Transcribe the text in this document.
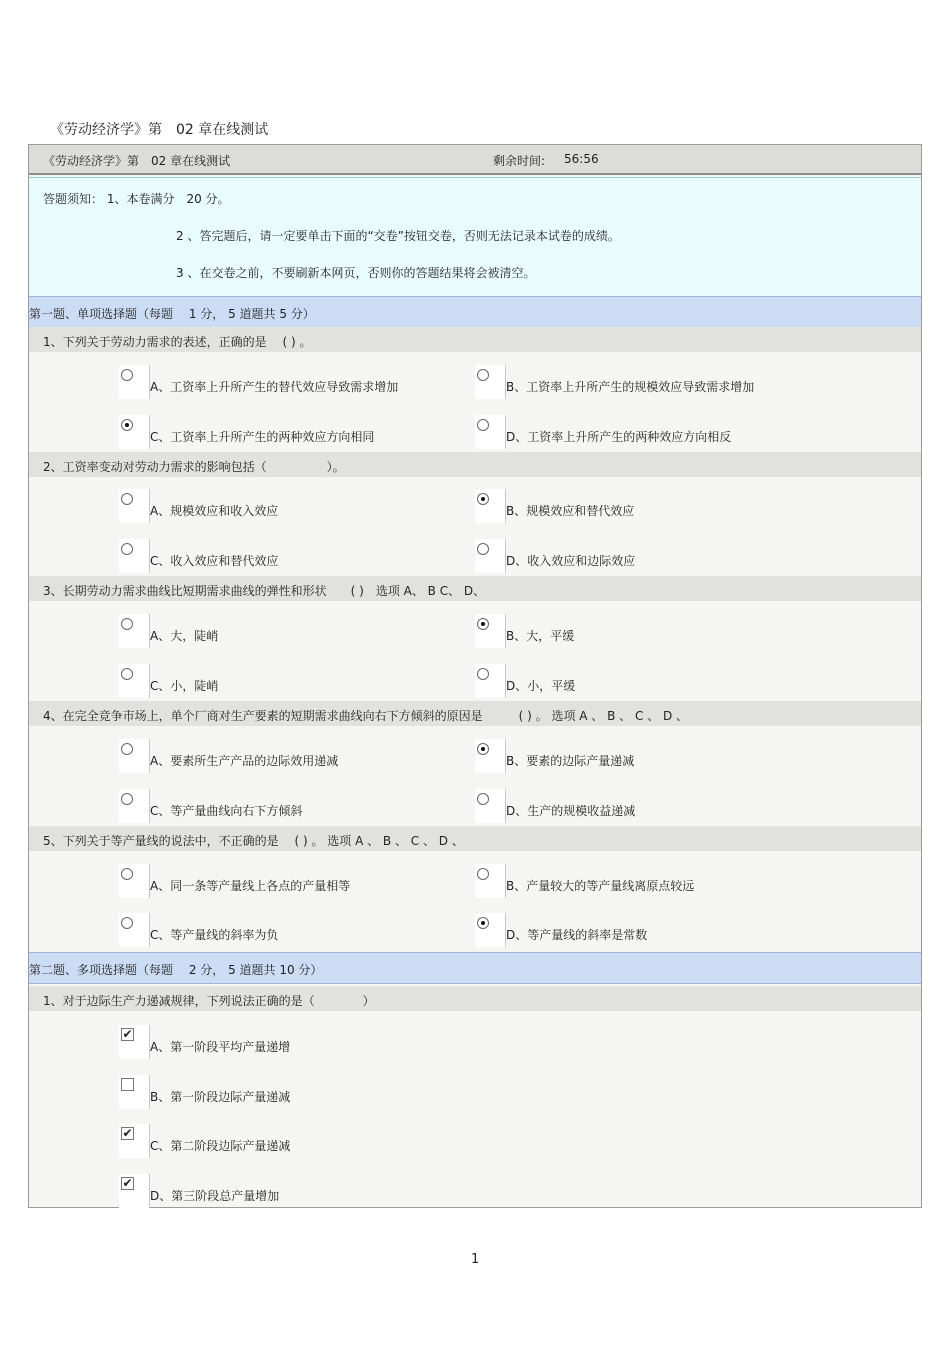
《劳动经济学》第　02 章在线测试
《劳动经济学》第　02 章在线测试	剩余时间: 56:56
答题须知： 1、本卷满分　20 分。
2 、答完题后，请一定要单击下面的“交卷”按钮交卷，否则无法记录本试卷的成绩。
3 、在交卷之前，不要刷新本网页，否则你的答题结果将会被清空。
第一题、单项选择题（每题　 1 分， 5 道题共 5 分）
1、下列关于劳动力需求的表述，正确的是　 ( ) 。
A、工资率上升所产生的替代效应导致需求增加	B、工资率上升所产生的规模效应导致需求增加
C、工资率上升所产生的两种效应方向相同	D、工资率上升所产生的两种效应方向相反
2、工资率变动对劳动力需求的影响包括（　　　　　）。
A、规模效应和收入效应	B、规模效应和替代效应
C、收入效应和替代效应	D、收入效应和边际效应
3、长期劳动力需求曲线比短期需求曲线的弹性和形状　　( )　选项 A、 B C、 D、
A、大，陡峭	B、大，平缓
C、小，陡峭	D、小，平缓
4、在完全竞争市场上，单个厂商对生产要素的短期需求曲线向右下方倾斜的原因是　　　( ) 。 选项 A 、 B 、 C 、 D 、
A、要素所生产产品的边际效用递减	B、要素的边际产量递减
C、等产量曲线向右下方倾斜	D、生产的规模收益递减
5、下列关于等产量线的说法中，不正确的是　 ( ) 。 选项 A 、 B 、 C 、 D 、
A、同一条等产量线上各点的产量相等	B、产量较大的等产量线离原点较远
C、等产量线的斜率为负	D、等产量线的斜率是常数
第二题、多项选择题（每题　 2 分， 5 道题共 10 分）
1、对于边际生产力递减规律，下列说法正确的是（　　　　）
✔
A、第一阶段平均产量递增
B、第一阶段边际产量递减
✔
C、第二阶段边际产量递减
✔
D、第三阶段总产量增加
1
